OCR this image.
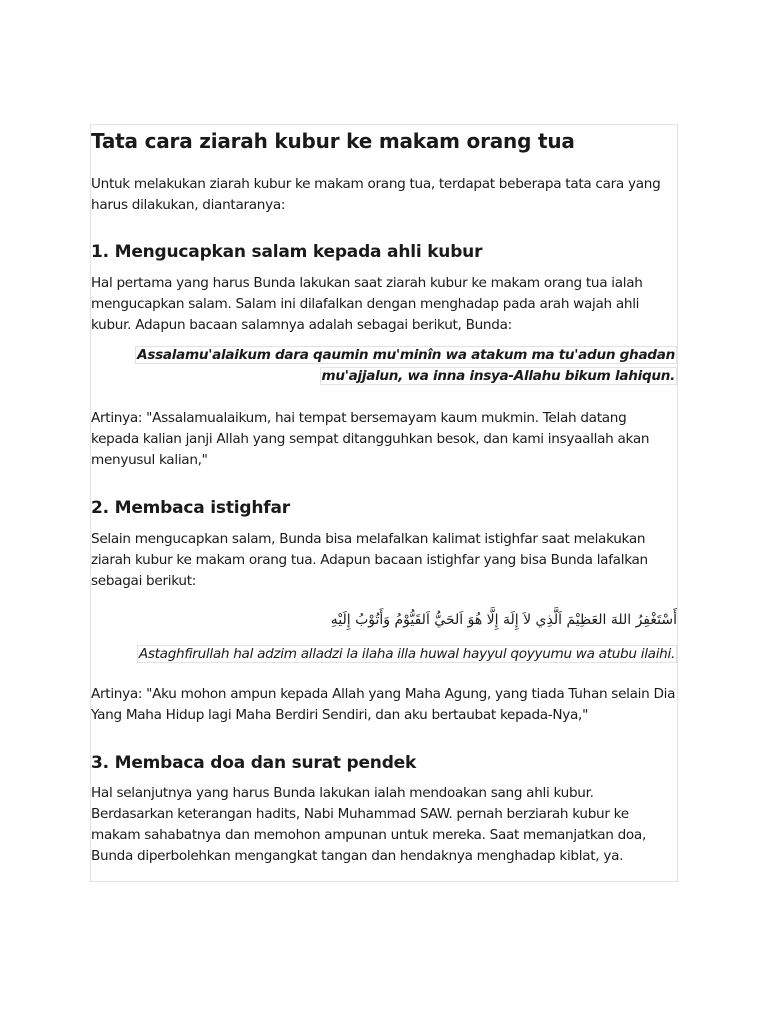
Tata cara ziarah kubur ke makam orang tua

Untuk melakukan ziarah kubur ke makam orang tua, terdapat beberapa tata cara yang harus dilakukan, diantaranya:

1. Mengucapkan salam kepada ahli kubur

Hal pertama yang harus Bunda lakukan saat ziarah kubur ke makam orang tua ialah mengucapkan salam. Salam ini dilafalkan dengan menghadap pada arah wajah ahli kubur. Adapun bacaan salamnya adalah sebagai berikut, Bunda:

Assalamu'alaikum dara qaumin mu'minîn wa atakum ma tu'adun ghadan

mu'ajjalun, wa inna insya-Allahu bikum lahiqun.

Artinya: "Assalamualaikum, hai tempat bersemayam kaum mukmin. Telah datang kepada kalian janji Allah yang sempat ditangguhkan besok, dan kami insyaallah akan menyusul kalian,"

2. Membaca istighfar

Selain mengucapkan salam, Bunda bisa melafalkan kalimat istighfar saat melakukan ziarah kubur ke makam orang tua. Adapun bacaan istighfar yang bisa Bunda lafalkan sebagai berikut:

أَسْتَغْفِرُ اللهَ العَظِيْمَ اَلَّذِي لاَ إِلَهَ إِلَّا هُوَ اَلحَيُّ اَلقَيُّوْمُ وَأَتُوْبُ إِلَيْهِ

Astaghfirullah hal adzim alladzi la ilaha illa huwal hayyul qoyyumu wa atubu ilaihi.

Artinya: "Aku mohon ampun kepada Allah yang Maha Agung, yang tiada Tuhan selain Dia Yang Maha Hidup lagi Maha Berdiri Sendiri, dan aku bertaubat kepada-Nya,"

3. Membaca doa dan surat pendek

Hal selanjutnya yang harus Bunda lakukan ialah mendoakan sang ahli kubur. Berdasarkan keterangan hadits, Nabi Muhammad SAW. pernah berziarah kubur ke makam sahabatnya dan memohon ampunan untuk mereka. Saat memanjatkan doa, Bunda diperbolehkan mengangkat tangan dan hendaknya menghadap kiblat, ya.
